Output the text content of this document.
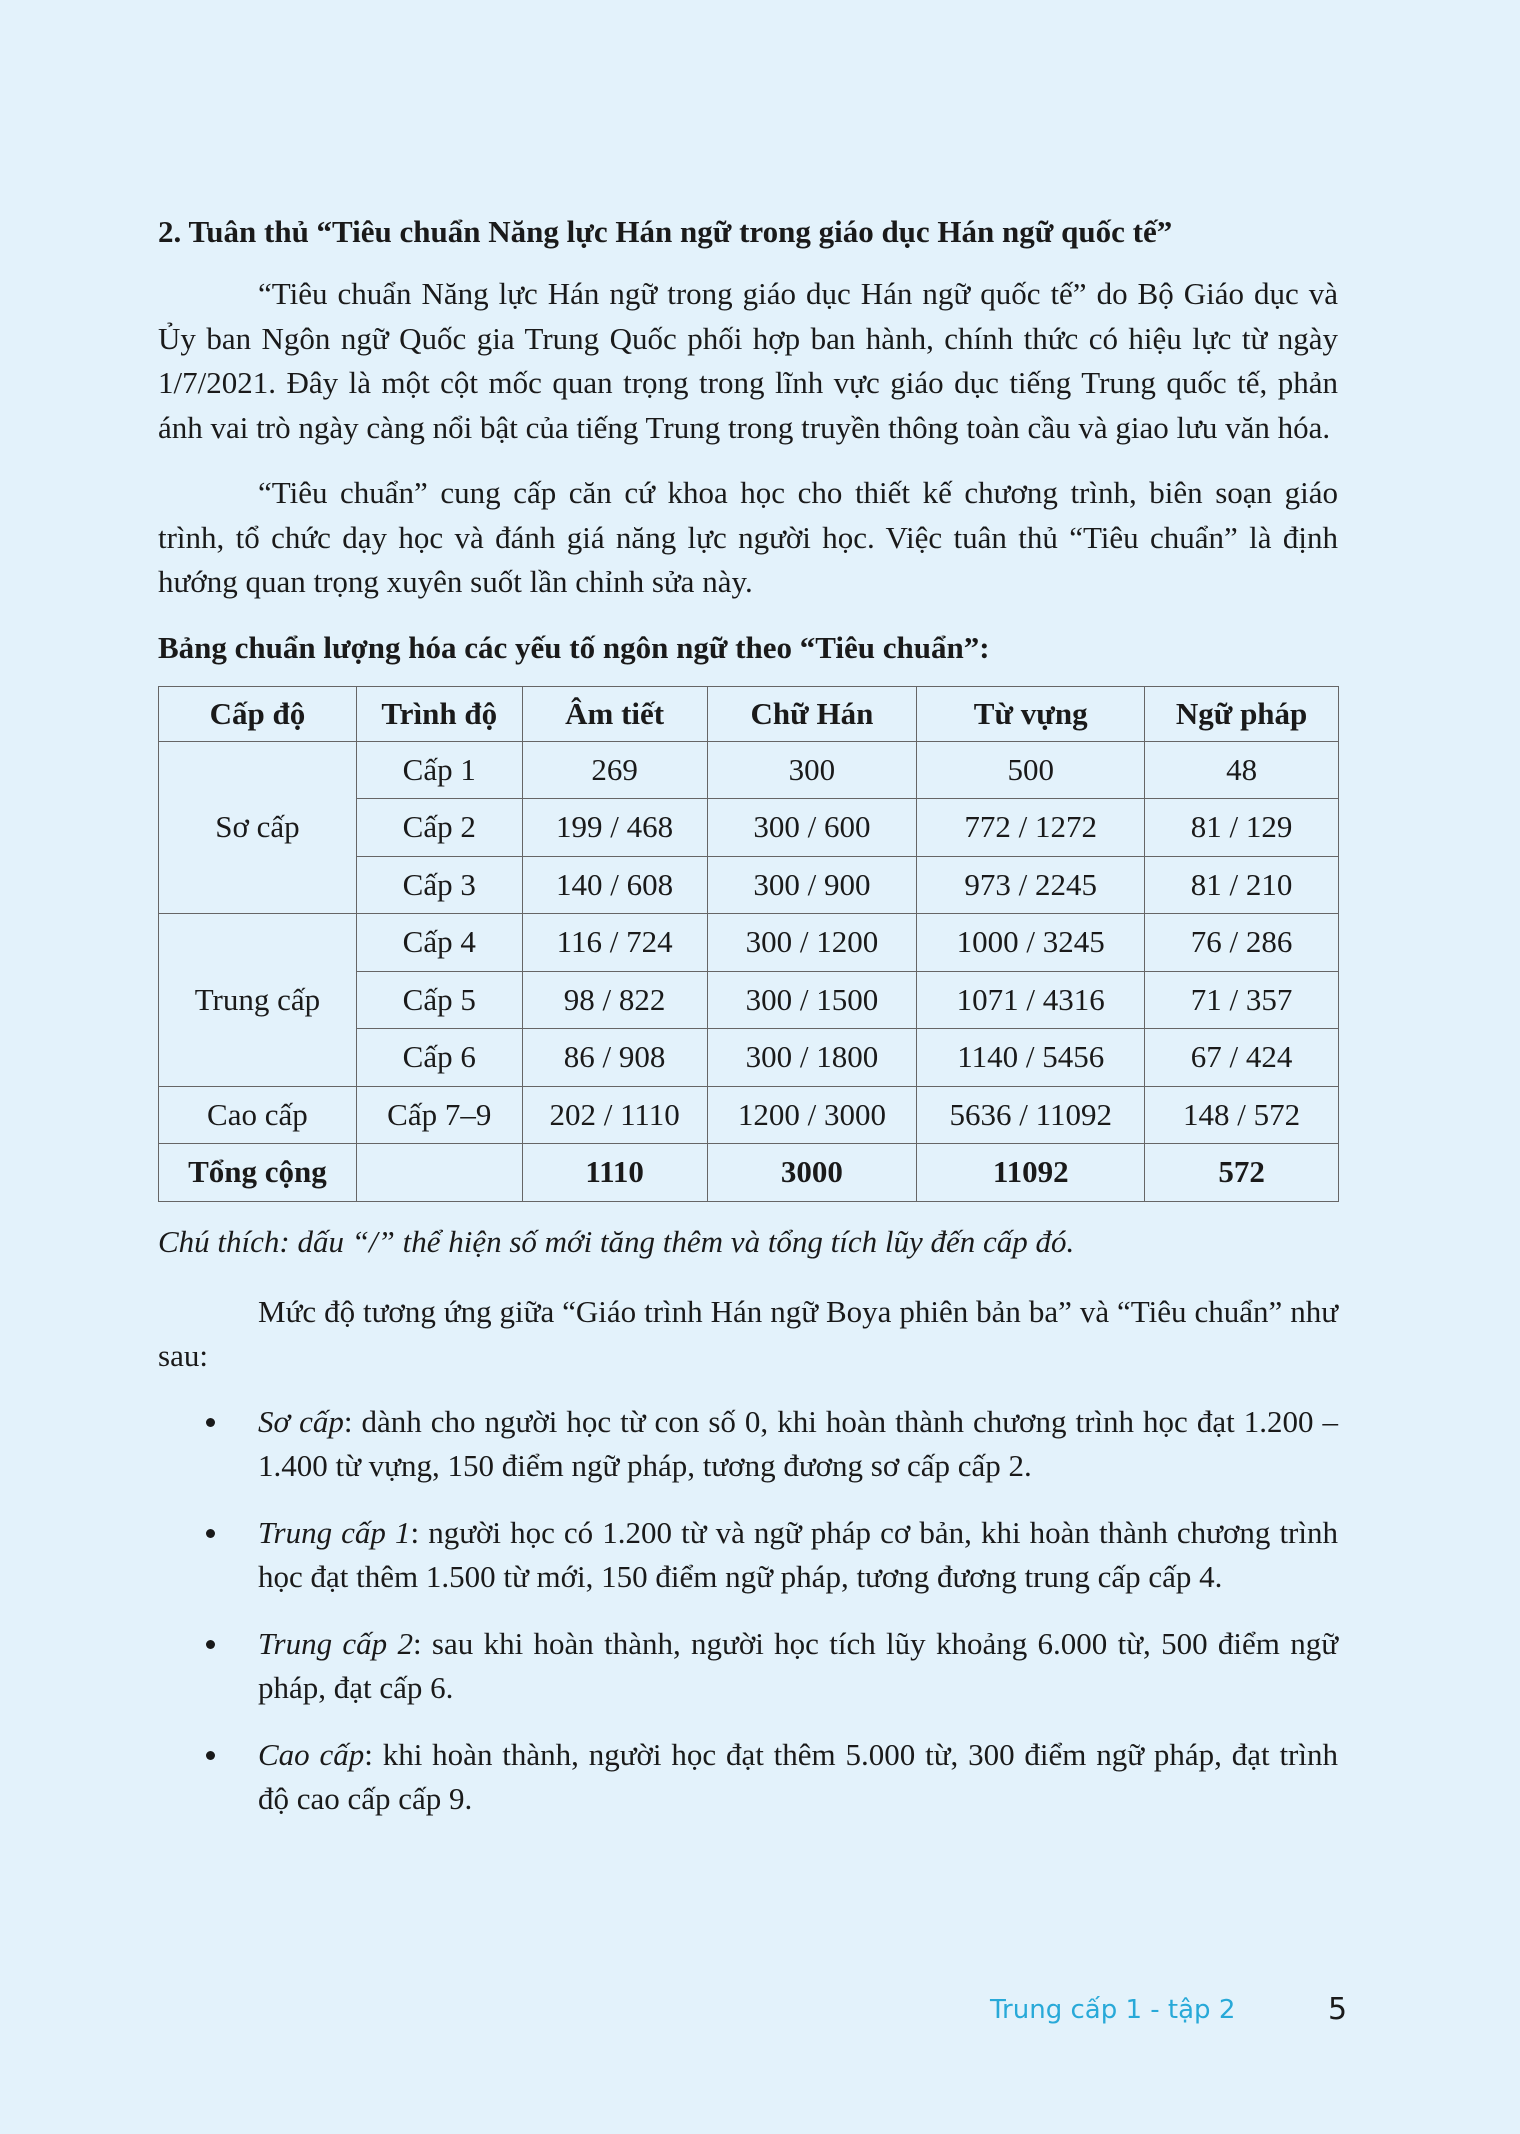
2. Tuân thủ “Tiêu chuẩn Năng lực Hán ngữ trong giáo dục Hán ngữ quốc tế”

“Tiêu chuẩn Năng lực Hán ngữ trong giáo dục Hán ngữ quốc tế” do Bộ Giáo dục và Ủy ban Ngôn ngữ Quốc gia Trung Quốc phối hợp ban hành, chính thức có hiệu lực từ ngày 1/7/2021. Đây là một cột mốc quan trọng trong lĩnh vực giáo dục tiếng Trung quốc tế, phản ánh vai trò ngày càng nổi bật của tiếng Trung trong truyền thông toàn cầu và giao lưu văn hóa.

“Tiêu chuẩn” cung cấp căn cứ khoa học cho thiết kế chương trình, biên soạn giáo trình, tổ chức dạy học và đánh giá năng lực người học. Việc tuân thủ “Tiêu chuẩn” là định hướng quan trọng xuyên suốt lần chỉnh sửa này.

Bảng chuẩn lượng hóa các yếu tố ngôn ngữ theo “Tiêu chuẩn”:
Cấp độ	Trình độ	Âm tiết	Chữ Hán	Từ vựng	Ngữ pháp
Sơ cấp	Cấp 1	269	300	500	48
	Cấp 2	199 / 468	300 / 600	772 / 1272	81 / 129
	Cấp 3	140 / 608	300 / 900	973 / 2245	81 / 210
Trung cấp	Cấp 4	116 / 724	300 / 1200	1000 / 3245	76 / 286
	Cấp 5	98 / 822	300 / 1500	1071 / 4316	71 / 357
	Cấp 6	86 / 908	300 / 1800	1140 / 5456	67 / 424
Cao cấp	Cấp 7–9	202 / 1110	1200 / 3000	5636 / 11092	148 / 572
Tổng cộng		1110	3000	11092	572
Chú thích: dấu “/” thể hiện số mới tăng thêm và tổng tích lũy đến cấp đó.

Mức độ tương ứng giữa “Giáo trình Hán ngữ Boya phiên bản ba” và “Tiêu chuẩn” như sau:

Sơ cấp: dành cho người học từ con số 0, khi hoàn thành chương trình học đạt 1.200 – 1.400 từ vựng, 150 điểm ngữ pháp, tương đương sơ cấp cấp 2.
Trung cấp 1: người học có 1.200 từ và ngữ pháp cơ bản, khi hoàn thành chương trình học đạt thêm 1.500 từ mới, 150 điểm ngữ pháp, tương đương trung cấp cấp 4.
Trung cấp 2: sau khi hoàn thành, người học tích lũy khoảng 6.000 từ, 500 điểm ngữ pháp, đạt cấp 6.
Cao cấp: khi hoàn thành, người học đạt thêm 5.000 từ, 300 điểm ngữ pháp, đạt trình độ cao cấp cấp 9.
Trung cấp 1 - tập 2	5
